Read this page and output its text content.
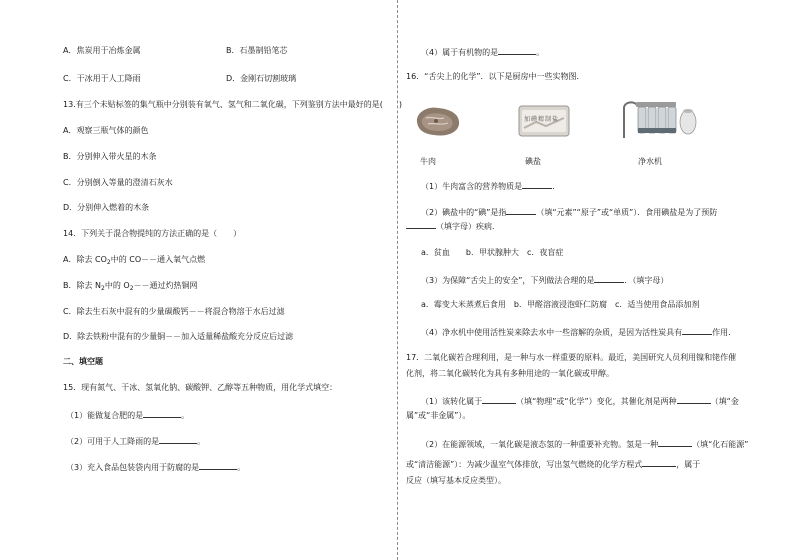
A．焦炭用于冶炼金属	B．石墨制铅笔芯
C．干冰用于人工降雨	D．金刚石切割玻璃
13.有三个未贴标签的集气瓶中分别装有氧气、氢气和二氧化碳，下列鉴别方法中最好的是(　　)
A．观察三瓶气体的颜色
B．分别伸入带火星的木条
C．分别倒入等量的澄清石灰水
D．分别伸入燃着的木条
14．下列关于混合物提纯的方法正确的是（　　）
A．除去 $CO_2$中的 CO－－通入氧气点燃
B．除去 $N_2$中的 $O_2--$通过灼热铜网
C．除去生石灰中混有的少量碳酸钙－－将混合物溶于水后过滤
D．除去铁粉中混有的少量铜－－加入适量稀盐酸充分反应后过滤
二、填空题
15．现有氮气、干冰、氢氧化钠、碳酸钾、乙醇等五种物质，用化学式填空：
（1）能做复合肥的是	。
（2）可用于人工降雨的是	。
（3）充入食品包装袋内用于防腐的是	。
（4）属于有机物的是	。
16．“舌尖上的化学”．以下是厨房中一些实物图．
牛肉
加碘精制盐
碘盐	净水机
（1）牛肉富含的营养物质是	．
（2）碘盐中的“碘”是指	（填“元素”“原子”或“单质”）．食用碘盐是为了预防
（填字母）疾病．
a．贫血　　b．甲状腺肿大　c．夜盲症
（3）为保障“舌尖上的安全”，下列做法合理的是	．（填字母）
a．霉变大米蒸煮后食用　b．甲醛溶液浸泡虾仁防腐　c．适当使用食品添加剂
（4）净水机中使用活性炭来除去水中一些溶解的杂质，是因为活性炭具有	作用．
17．二氧化碳若合理利用，是一种与水一样重要的原料。最近，美国研究人员利用镍和铑作催
化剂，将二氧化碳转化为具有多种用途的一氧化碳或甲醇。
（1）该转化属于	（填“物理”或“化学”）变化，其催化剂是两种	（填“金
属”或“非金属”）。
（2）在能源领域，一氧化碳是液态氢的一种重要补充物。氢是一种	（填“化石能源”
或“清洁能源”）：为减少温室气体排放，写出氢气燃烧的化学方程式	，属于
反应（填写基本反应类型）。
